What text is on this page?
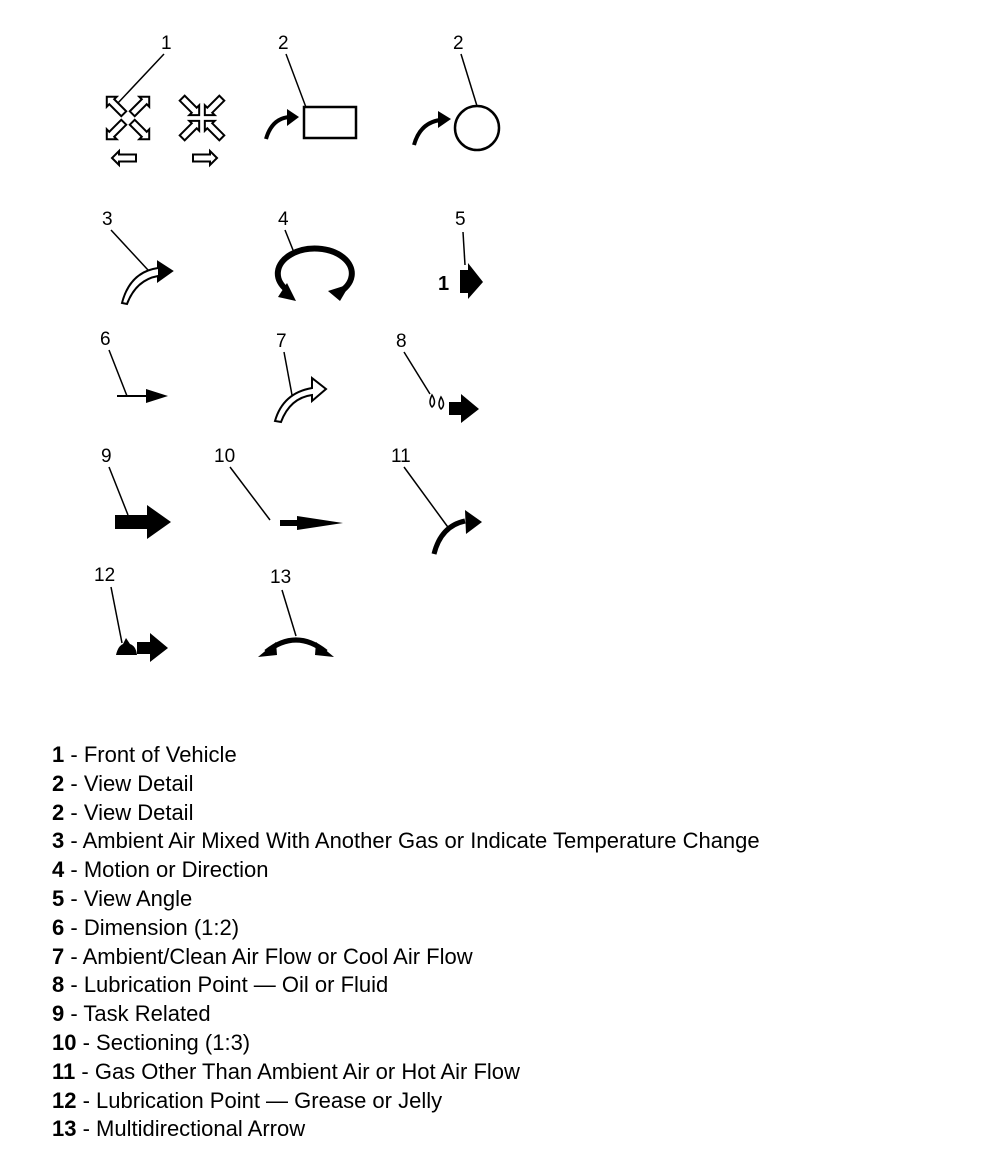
1	2	2
3	4	5
6	7	8
9	10	11
12	13
1
1 - Front of Vehicle
2 - View Detail
2 - View Detail
3 - Ambient Air Mixed With Another Gas or Indicate Temperature Change
4 - Motion or Direction
5 - View Angle
6 - Dimension (1:2)
7 - Ambient/Clean Air Flow or Cool Air Flow
8 - Lubrication Point — Oil or Fluid
9 - Task Related
10 - Sectioning (1:3)
11 - Gas Other Than Ambient Air or Hot Air Flow
12 - Lubrication Point — Grease or Jelly
13 - Multidirectional Arrow
